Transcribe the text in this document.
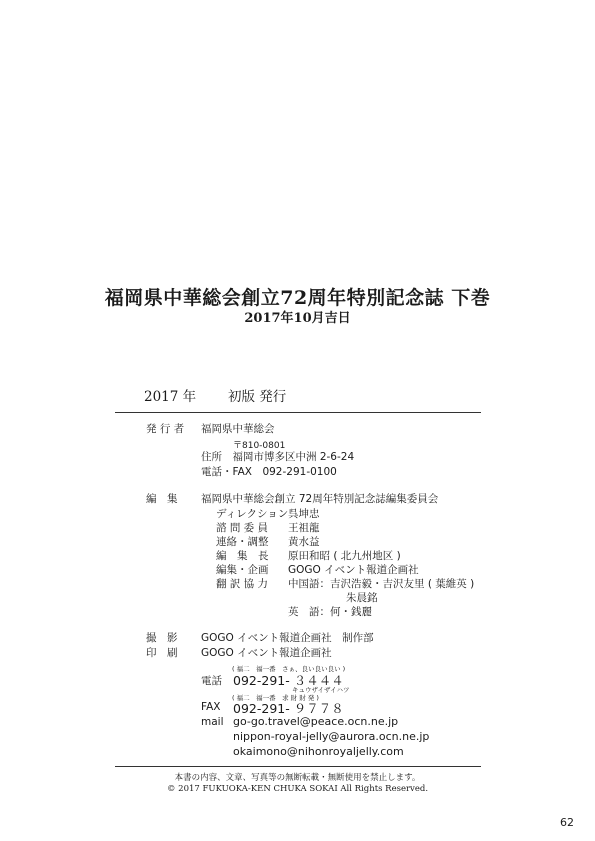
福岡県中華総会創立72周年特別記念誌 下巻
2017年10月吉日
2017 年 初版 発行
発 行 者 福岡県中華総会
〒810-0801
住所　福岡市博多区中洲 2-6-24
電話・FAX　092-291-0100
編　集 福岡県中華総会創立 72周年特別記念誌編集委員会
ディレクション 呉坤忠
諮 問 委 員 王祖龍
連絡・調整 黄水益
編　集　長 原田和昭 ( 北九州地区 )
編集・企画 GOGO イベント報道企画社
翻 訳 協 力 中国語：吉沢浩毅・吉沢友里 ( 葉維英 )
朱晨銘
英　語：何・銭麗
撮　影 GOGO イベント報道企画社　制作部
印　刷 GOGO イベント報道企画社
( 福二　福一番　さぁ、良い良い良い )
電話 092-291- ３４４４
キュウザイザイハツ
( 福二　福一番　求 財 財 発 )
FAX 092-291- ９７７８
mail go-go.travel@peace.ocn.ne.jp
nippon-royal-jelly@aurora.ocn.ne.jp
okaimono@nihonroyaljelly.com
本書の内容、文章、写真等の無断転載・無断使用を禁止します。
© 2017 FUKUOKA-KEN CHUKA SOKAI All Rights Reserved.
62
